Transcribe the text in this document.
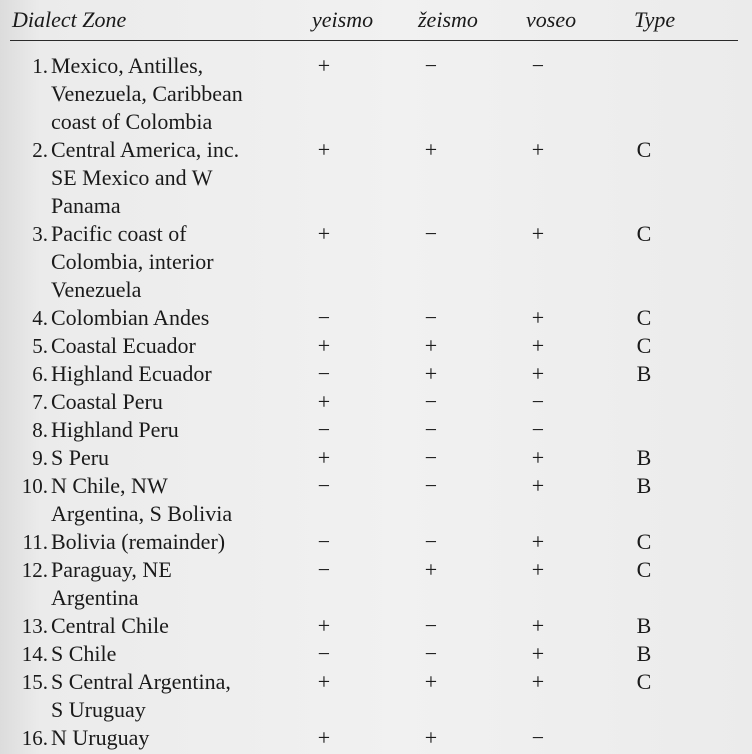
Dialect Zone	yeismo žeismo voseo	Type
1. Mexico, Antilles,
Venezuela, Caribbean
coast of Colombia
+	−	−
2. Central America, inc.
SE Mexico and W
Panama
+	+	+	C
3. Pacific coast of
Colombia, interior
Venezuela
+	−	+	C
4. Colombian Andes	−	−	+	C
5. Coastal Ecuador	+	+	+	C
6. Highland Ecuador	−	+	+	B
7. Coastal Peru	+	−	−
8. Highland Peru	−	−	−
9. S Peru	+	−	+	B
10. N Chile, NW
Argentina, S Bolivia
−	−	+	B
11. Bolivia (remainder)	−	−	+	C
12. Paraguay, NE
Argentina
−	+	+	C
13. Central Chile	+	−	+	B
14. S Chile	−	−	+	B
15. S Central Argentina,
S Uruguay
+	+	+	C
16. N Uruguay	+	+	−
